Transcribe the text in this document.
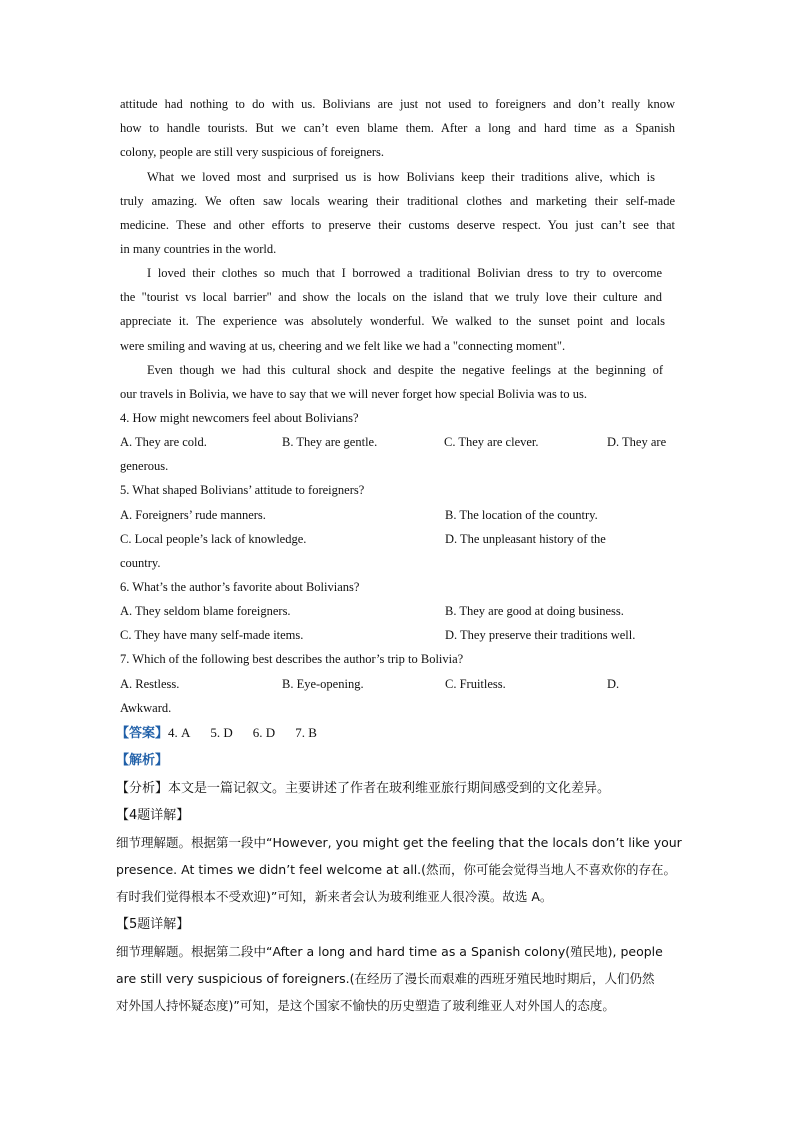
attitude had nothing to do with us. Bolivians are just not used to foreigners and don’t really know
how to handle tourists. But we can’t even blame them. After a long and hard time as a Spanish
colony, people are still very suspicious of foreigners.
What we loved most and surprised us is how Bolivians keep their traditions alive, which is
truly amazing. We often saw locals wearing their traditional clothes and marketing their self-made
medicine. These and other efforts to preserve their customs deserve respect. You just can’t see that
in many countries in the world.
I loved their clothes so much that I borrowed a traditional Bolivian dress to try to overcome
the "tourist vs local barrier" and show the locals on the island that we truly love their culture and
appreciate it. The experience was absolutely wonderful. We walked to the sunset point and locals
were smiling and waving at us, cheering and we felt like we had a "connecting moment".
Even though we had this cultural shock and despite the negative feelings at the beginning of
our travels in Bolivia, we have to say that we will never forget how special Bolivia was to us.
4. How might newcomers feel about Bolivians?
A. They are cold.	B. They are gentle.	C. They are clever.	D. They are
generous.
5. What shaped Bolivians’ attitude to foreigners?
A. Foreigners’ rude manners.	B. The location of the country.
C. Local people’s lack of knowledge.	D. The unpleasant history of the
country.
6. What’s the author’s favorite about Bolivians?
A. They seldom blame foreigners.	B. They are good at doing business.
C. They have many self-made items.	D. They preserve their traditions well.
7. Which of the following best describes the author’s trip to Bolivia?
A. Restless.	B. Eye-opening.	C. Fruitless.	D.
Awkward.
【答案】4. A 5. D 6. D 7. B
【解析】
【分析】本文是一篇记叙文。主要讲述了作者在玻利维亚旅行期间感受到的文化差异。
【4题详解】
细节理解题。根据第一段中“However, you might get the feeling that the locals don’t like your
presence. At times we didn’t feel welcome at all.(然而，你可能会觉得当地人不喜欢你的存在。
有时我们觉得根本不受欢迎)”可知，新来者会认为玻利维亚人很冷漠。故选 A。
【5题详解】
细节理解题。根据第二段中“After a long and hard time as a Spanish colony(殖民地), people
are still very suspicious of foreigners.(在经历了漫长而艰难的西班牙殖民地时期后，人们仍然
对外国人持怀疑态度)”可知，是这个国家不愉快的历史塑造了玻利维亚人对外国人的态度。
